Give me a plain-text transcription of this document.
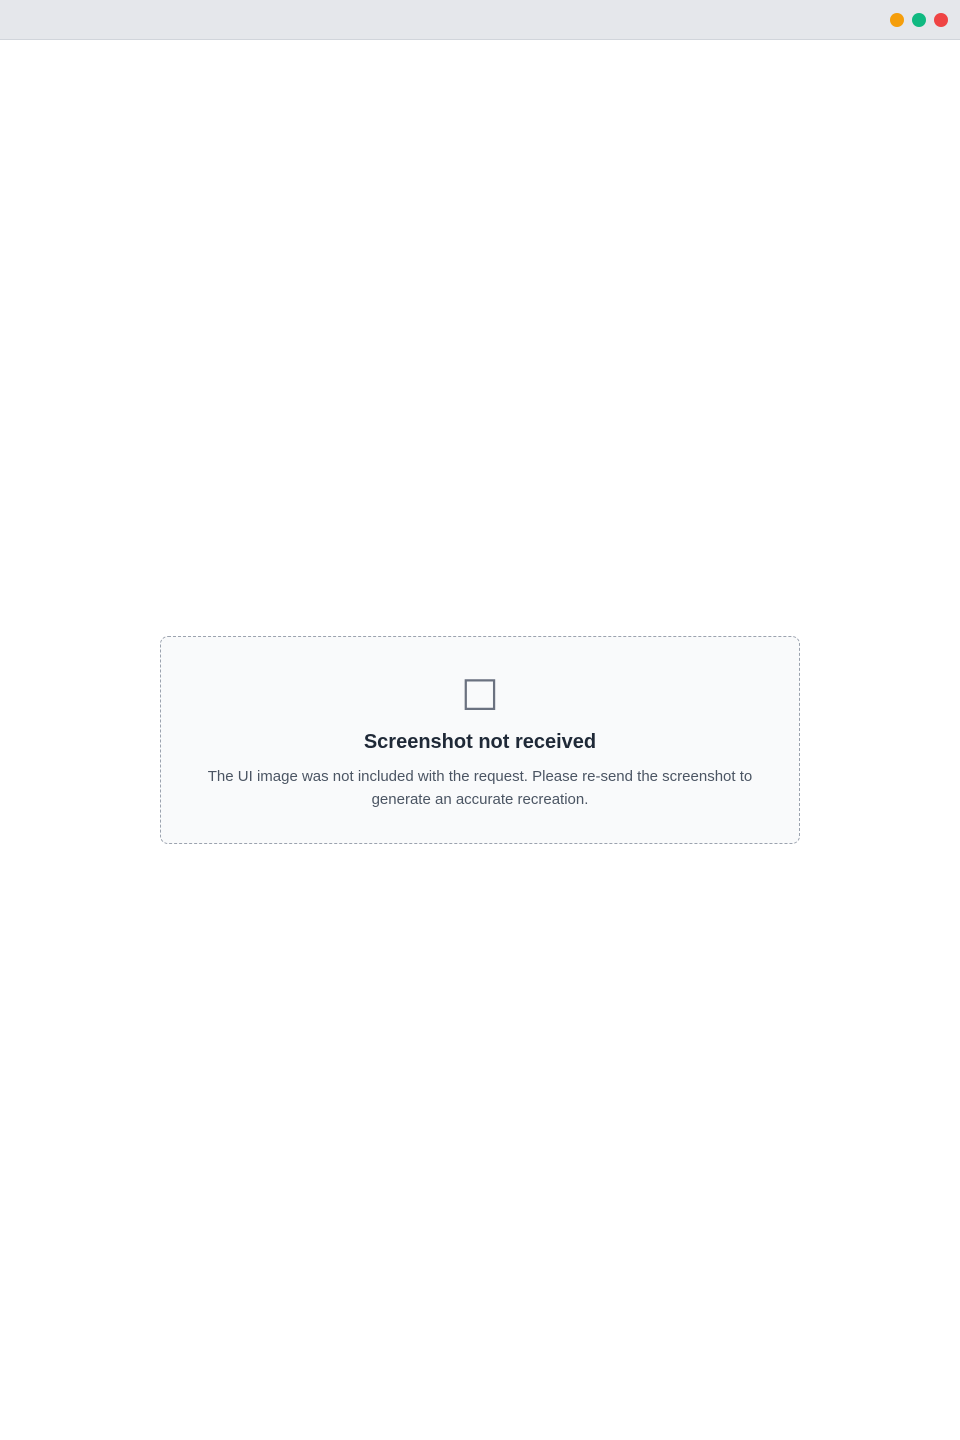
□
Screenshot not received
The UI image was not included with the request. Please re-send the screenshot to generate an accurate recreation.
